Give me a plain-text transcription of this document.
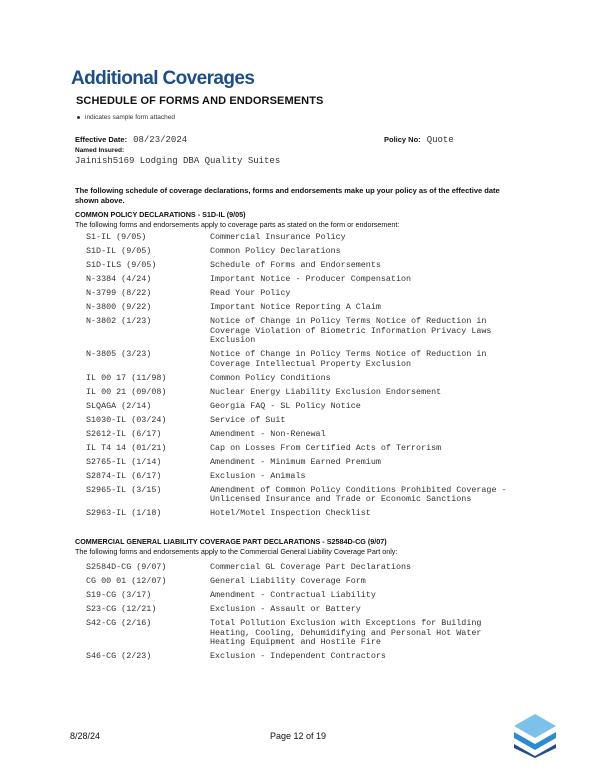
Additional Coverages
SCHEDULE OF FORMS AND ENDORSEMENTS
indicates sample form attached
Effective Date: 08/23/2024	Policy No: Quote
Named Insured:
Jainish5169 Lodging DBA Quality Suites
The following schedule of coverage declarations, forms and endorsements make up your policy as of the effective date shown above.
COMMON POLICY DECLARATIONS - S1D-IL (9/05)
The following forms and endorsements apply to coverage parts as stated on the form or endorsement:
S1-IL (9/05)	Commercial Insurance Policy
S1D-IL (9/05)	Common Policy Declarations
S1D-ILS (9/05)	Schedule of Forms and Endorsements
N-3384 (4/24)	Important Notice - Producer Compensation
N-3799 (8/22)	Read Your Policy
N-3800 (9/22)	Important Notice Reporting A Claim
N-3802 (1/23)	Notice of Change in Policy Terms Notice of Reduction in Coverage Violation of Biometric Information Privacy Laws Exclusion
N-3805 (3/23)	Notice of Change in Policy Terms Notice of Reduction in Coverage Intellectual Property Exclusion
IL 00 17 (11/98)	Common Policy Conditions
IL 00 21 (09/08)	Nuclear Energy Liability Exclusion Endorsement
SLQAGA (2/14)	Georgia FAQ - SL Policy Notice
S1030-IL (03/24)	Service of Suit
S2612-IL (6/17)	Amendment - Non-Renewal
IL T4 14 (01/21)	Cap on Losses From Certified Acts of Terrorism
S2765-IL (1/14)	Amendment - Minimum Earned Premium
S2874-IL (6/17)	Exclusion - Animals
S2965-IL (3/15)	Amendment of Common Policy Conditions Prohibited Coverage - Unlicensed Insurance and Trade or Economic Sanctions
S2963-IL (1/18)	Hotel/Motel Inspection Checklist
COMMERCIAL GENERAL LIABILITY COVERAGE PART DECLARATIONS - S2584D-CG (9/07)
The following forms and endorsements apply to the Commercial General Liability Coverage Part only:
S2584D-CG (9/07)	Commercial GL Coverage Part Declarations
CG 00 01 (12/07)	General Liability Coverage Form
S19-CG (3/17)	Amendment - Contractual Liability
S23-CG (12/21)	Exclusion - Assault or Battery
S42-CG (2/16)	Total Pollution Exclusion with Exceptions for Building Heating, Cooling, Dehumidifying and Personal Hot Water Heating Equipment and Hostile Fire
S46-CG (2/23)	Exclusion - Independent Contractors
8/28/24	Page 12 of 19
